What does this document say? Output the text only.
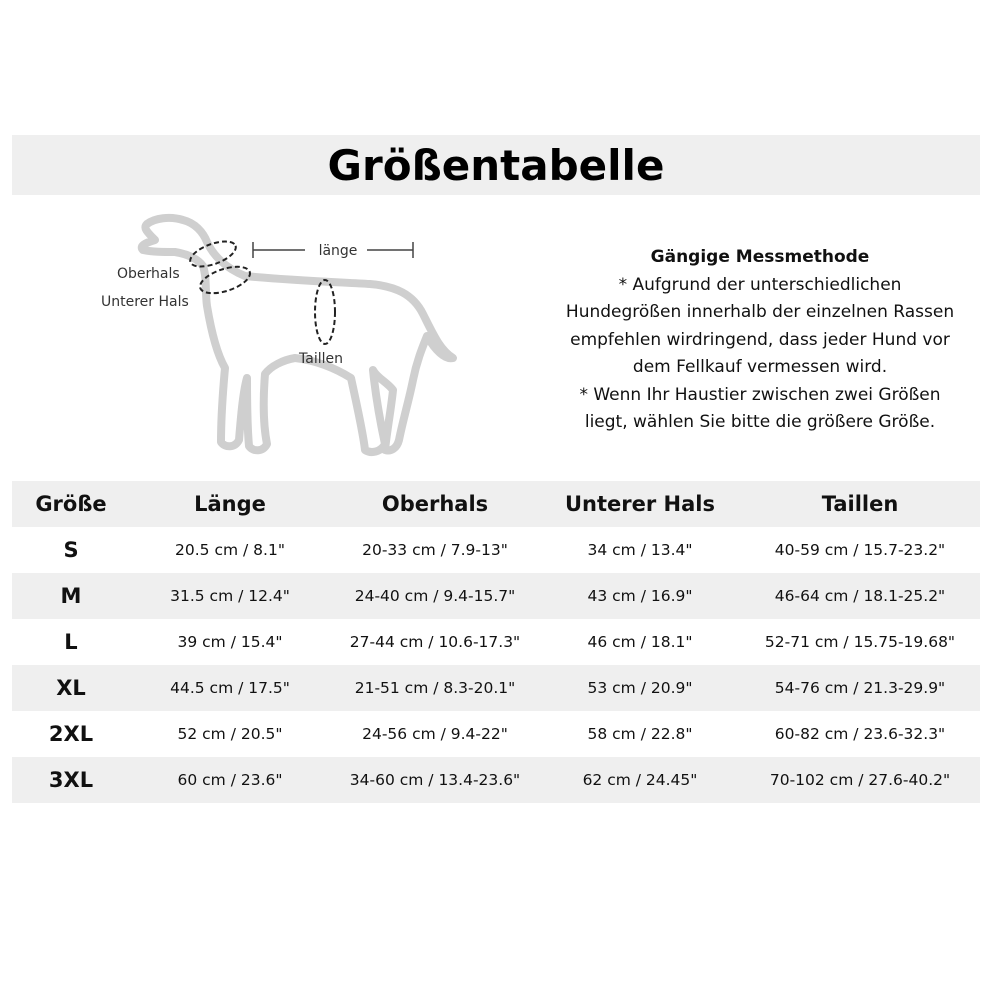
Größentabelle
länge
Oberhals
Unterer Hals
Taillen
Gängige Messmethode
* Aufgrund der unterschiedlichen
Hundegrößen innerhalb der einzelnen Rassen
empfehlen wirdringend, dass jeder Hund vor
dem Fellkauf vermessen wird.
* Wenn Ihr Haustier zwischen zwei Größen
liegt, wählen Sie bitte die größere Größe.
Größe	Länge	Oberhals	Unterer Hals	Taillen
S	20.5 cm / 8.1"	20-33 cm / 7.9-13"	34 cm / 13.4"	40-59 cm / 15.7-23.2"
M	31.5 cm / 12.4"	24-40 cm / 9.4-15.7"	43 cm / 16.9"	46-64 cm / 18.1-25.2"
L	39 cm / 15.4"	27-44 cm / 10.6-17.3"	46 cm / 18.1"	52-71 cm / 15.75-19.68"
XL	44.5 cm / 17.5"	21-51 cm / 8.3-20.1"	53 cm / 20.9"	54-76 cm / 21.3-29.9"
2XL	52 cm / 20.5"	24-56 cm / 9.4-22"	58 cm / 22.8"	60-82 cm / 23.6-32.3"
3XL	60 cm / 23.6"	34-60 cm / 13.4-23.6"	62 cm / 24.45"	70-102 cm / 27.6-40.2"
